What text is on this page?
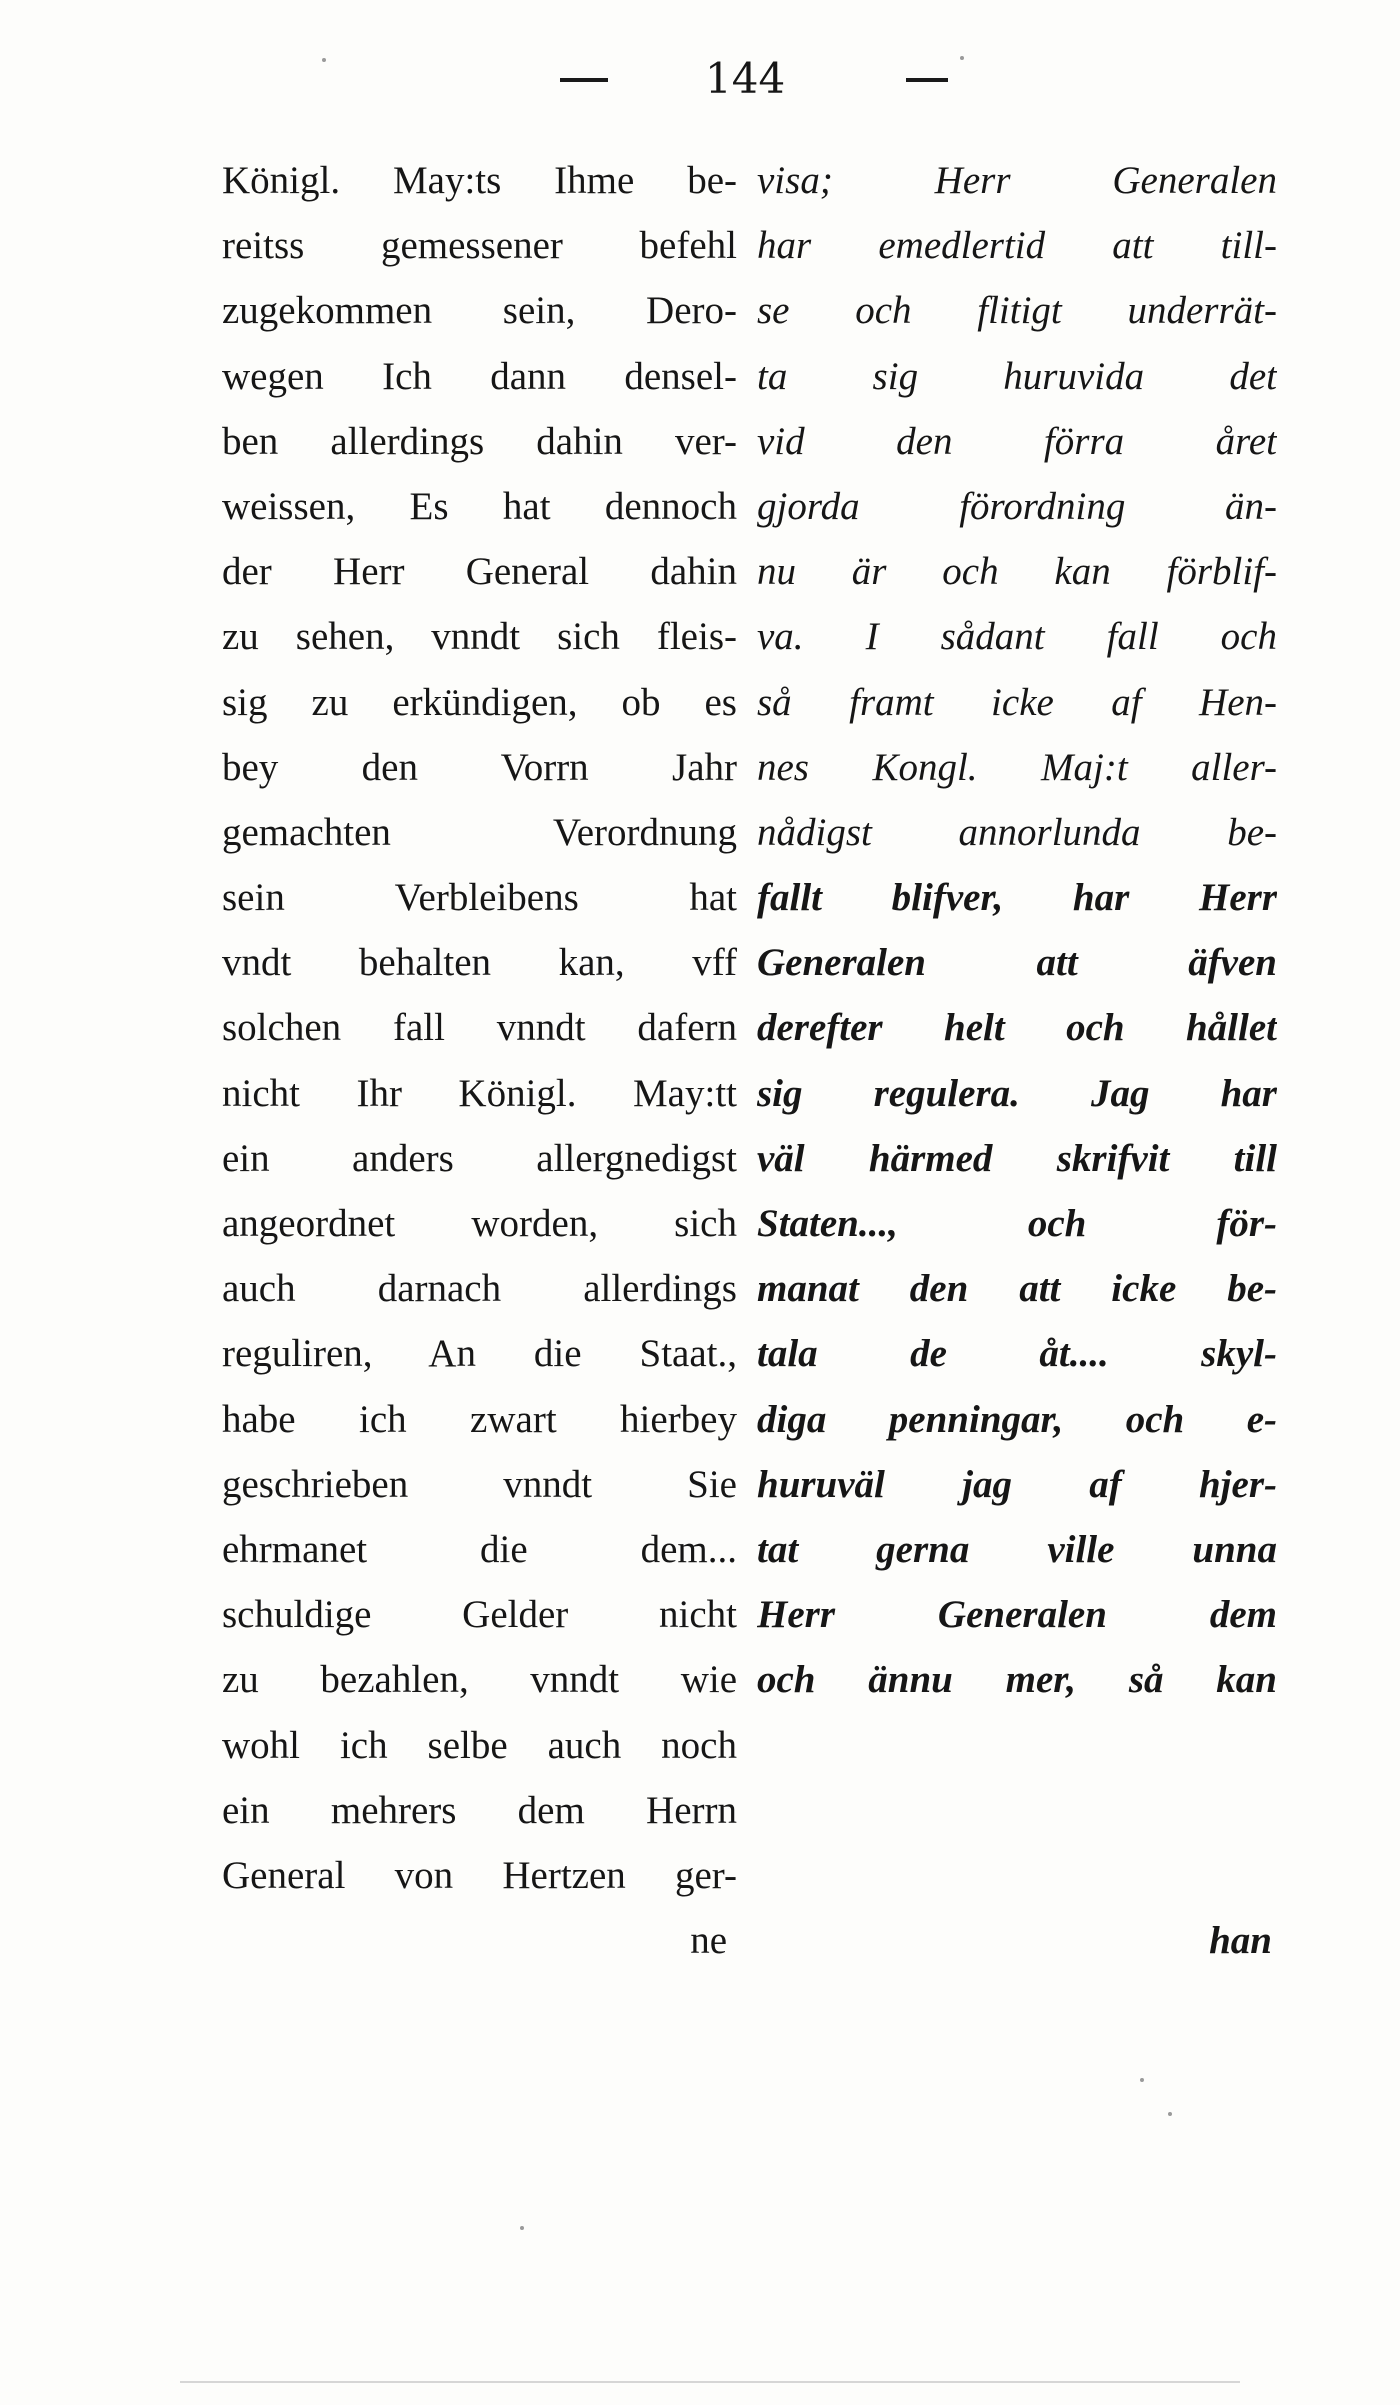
144
Königl. May:ts Ihme be-
reitss gemessener befehl
zugekommen sein, Dero-
wegen Ich dann densel-
ben allerdings dahin ver-
weissen, Es hat dennoch
der Herr General dahin
zu sehen, vnndt sich fleis-
sig zu erkündigen, ob es
bey den Vorrn Jahr
gemachten Verordnung
sein Verbleibens hat
vndt behalten kan, vff
solchen fall vnndt dafern
nicht Ihr Königl. May:tt
ein anders allergnedigst
angeordnet worden, sich
auch darnach allerdings
reguliren, An die Staat.,
habe ich zwart hierbey
geschrieben vnndt Sie
ehrmanet die dem...
schuldige Gelder nicht
zu bezahlen, vnndt wie
wohl ich selbe auch noch
ein mehrers dem Herrn
General von Hertzen ger-
ne
visa; Herr Generalen
har emedlertid att till-
se och flitigt underrät-
ta sig huruvida det
vid den förra året
gjorda förordning än-
nu är och kan förblif-
va. I sådant fall och
så framt icke af Hen-
nes Kongl. Maj:t aller-
nådigst annorlunda be-
fallt blifver, har Herr
Generalen att äfven
derefter helt och hållet
sig regulera. Jag har
väl härmed skrifvit till
Staten..., och för-
manat den att icke be-
tala de åt.... skyl-
diga penningar, och e-
huruväl jag af hjer-
tat gerna ville unna
Herr Generalen dem
och ännu mer, så kan
han
